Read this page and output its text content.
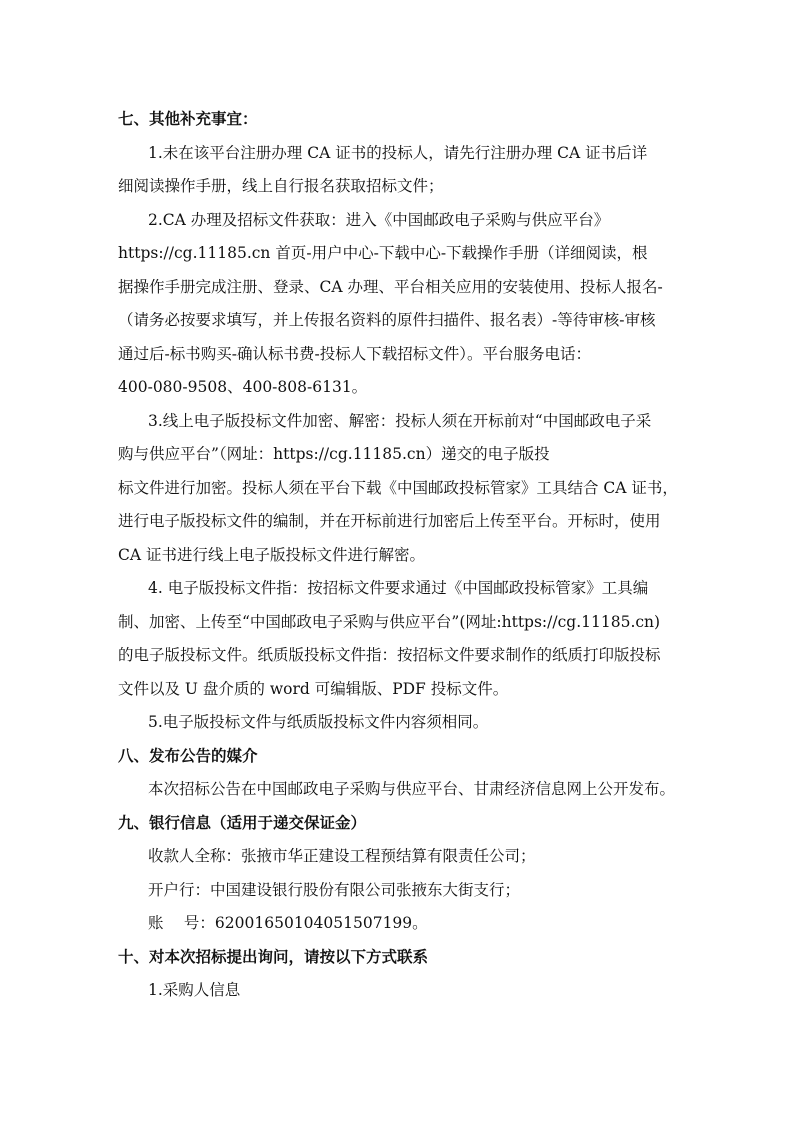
七、其他补充事宜：
1.未在该平台注册办理 CA 证书的投标人，请先行注册办理 CA 证书后详
细阅读操作手册，线上自行报名获取招标文件；
2.CA 办理及招标文件获取：进入《中国邮政电子采购与供应平台》
https://cg.11185.cn 首页-用户中心-下载中心-下载操作手册（详细阅读，根
据操作手册完成注册、登录、CA 办理、平台相关应用的安装使用、投标人报名-
（请务必按要求填写，并上传报名资料的原件扫描件、报名表）-等待审核-审核
通过后-标书购买-确认标书费-投标人下载招标文件）。平台服务电话：
400-080-9508、400-808-6131。
3.线上电子版投标文件加密、解密：投标人须在开标前对“中国邮政电子采
购与供应平台”（网址：https://cg.11185.cn）递交的电子版投
标文件进行加密。投标人须在平台下载《中国邮政投标管家》工具结合 CA 证书，
进行电子版投标文件的编制，并在开标前进行加密后上传至平台。开标时，使用
CA 证书进行线上电子版投标文件进行解密。
4. 电子版投标文件指：按招标文件要求通过《中国邮政投标管家》工具编
制、加密、上传至“中国邮政电子采购与供应平台”(网址:https://cg.11185.cn)
的电子版投标文件。纸质版投标文件指：按招标文件要求制作的纸质打印版投标
文件以及 U 盘介质的 word 可编辑版、PDF 投标文件。
5.电子版投标文件与纸质版投标文件内容须相同。
八、发布公告的媒介
本次招标公告在中国邮政电子采购与供应平台、甘肃经济信息网上公开发布。
九、银行信息（适用于递交保证金）
收款人全称：张掖市华正建设工程预结算有限责任公司；
开户行：中国建设银行股份有限公司张掖东大街支行；
账　 号：62001650104051507199。
十、对本次招标提出询问，请按以下方式联系
1.采购人信息
